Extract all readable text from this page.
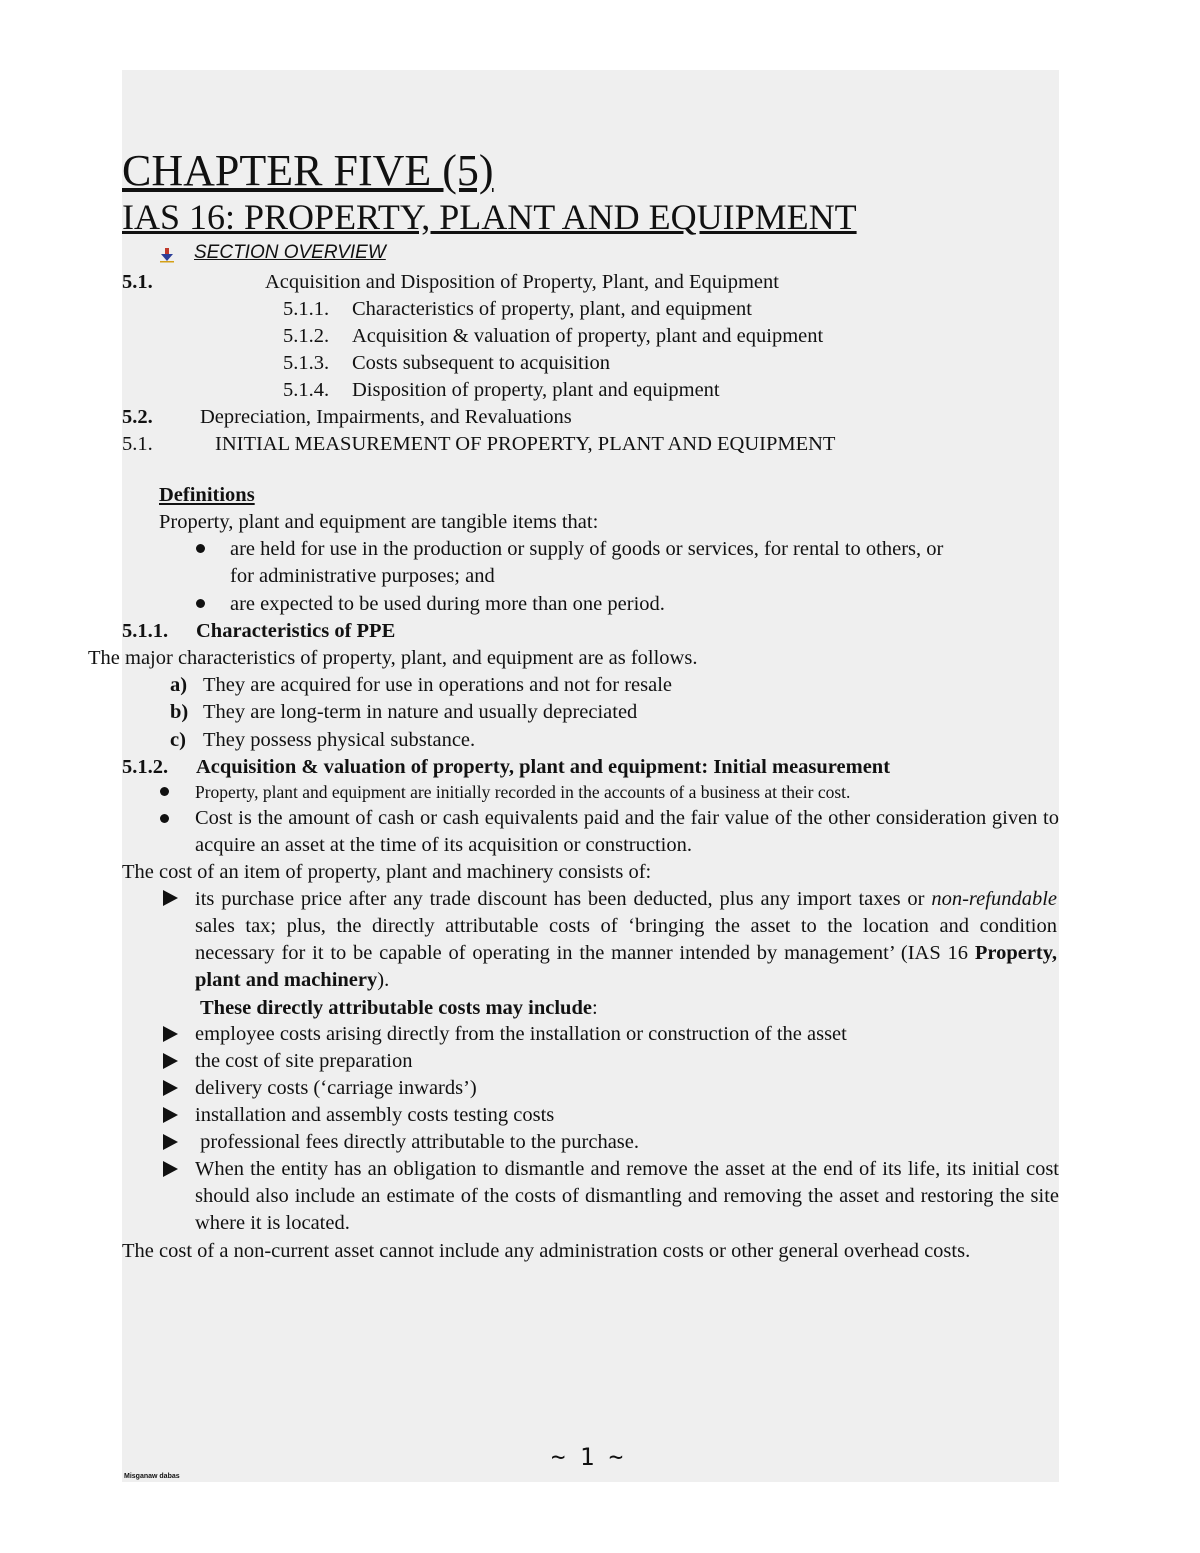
CHAPTER FIVE (5)
IAS 16: PROPERTY, PLANT AND EQUIPMENT
SECTION OVERVIEW
5.1.	Acquisition and Disposition of Property, Plant, and Equipment
5.1.1. Characteristics of property, plant, and equipment
5.1.2. Acquisition & valuation of property, plant and equipment
5.1.3. Costs subsequent to acquisition
5.1.4. Disposition of property, plant and equipment
5.2. Depreciation, Impairments, and Revaluations
5.1.	INITIAL MEASUREMENT OF PROPERTY, PLANT AND EQUIPMENT
Definitions
Property, plant and equipment are tangible items that:
are held for use in the production or supply of goods or services, for rental to others, or
for administrative purposes; and
are expected to be used during more than one period.
5.1.1. Characteristics of PPE
The major characteristics of property, plant, and equipment are as follows.
a) They are acquired for use in operations and not for resale
b) They are long-term in nature and usually depreciated
c) They possess physical substance.
5.1.2. Acquisition & valuation of property, plant and equipment: Initial measurement
Property, plant and equipment are initially recorded in the accounts of a business at their cost.
Cost is the amount of cash or cash equivalents paid and the fair value of the other consideration given to acquire an asset at the time of its acquisition or construction.
The cost of an item of property, plant and machinery consists of:
its purchase price after any trade discount has been deducted, plus any import taxes or non-refundable sales tax; plus, the directly attributable costs of ‘bringing the asset to the location and condition necessary for it to be capable of operating in the manner intended by management’ (IAS 16 Property, plant and machinery).
These directly attributable costs may include:
employee costs arising directly from the installation or construction of the asset
the cost of site preparation
delivery costs (‘carriage inwards’)
installation and assembly costs testing costs
professional fees directly attributable to the purchase.
When the entity has an obligation to dismantle and remove the asset at the end of its life, its initial cost should also include an estimate of the costs of dismantling and removing the asset and restoring the site where it is located.
The cost of a non-current asset cannot include any administration costs or other general overhead costs.
~ 1 ~
Misganaw dabas
